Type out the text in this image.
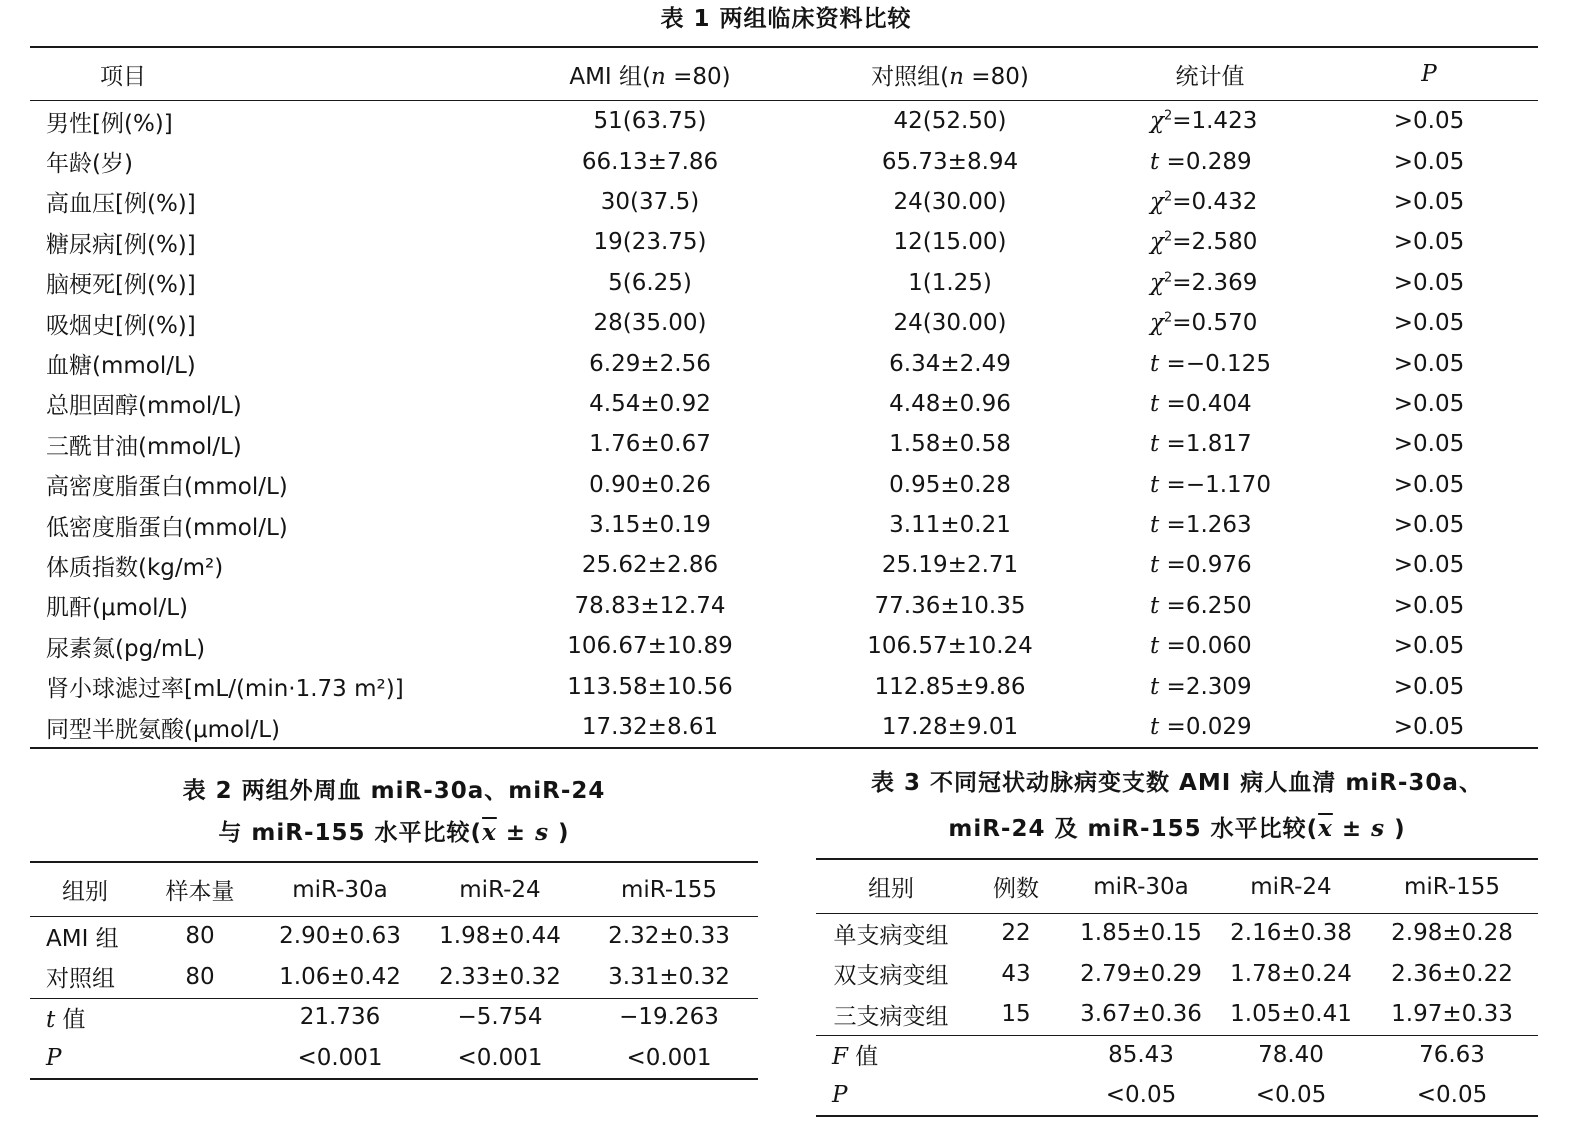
表 1 两组临床资料比较
项目	AMI 组(n =80)	对照组(n =80)	统计值	P
男性[例(%)]	51(63.75)	42(52.50)	$\chi^2=1.423$	>0.05
年龄(岁)	66.13±7.86	65.73±8.94	t =0.289	>0.05
高血压[例(%)]	30(37.5)	24(30.00)	$\chi^2=0.432$	>0.05
糖尿病[例(%)]	19(23.75)	12(15.00)	$\chi^2=2.580$	>0.05
脑梗死[例(%)]	5(6.25)	1(1.25)	$\chi^2=2.369$	>0.05
吸烟史[例(%)]	28(35.00)	24(30.00)	$\chi^2=0.570$	>0.05
血糖(mmol/L)	6.29±2.56	6.34±2.49	t =−0.125	>0.05
总胆固醇(mmol/L)	4.54±0.92	4.48±0.96	t =0.404	>0.05
三酰甘油(mmol/L)	1.76±0.67	1.58±0.58	t =1.817	>0.05
高密度脂蛋白(mmol/L)	0.90±0.26	0.95±0.28	t =−1.170	>0.05
低密度脂蛋白(mmol/L)	3.15±0.19	3.11±0.21	t =1.263	>0.05
体质指数(kg/m²)	25.62±2.86	25.19±2.71	t =0.976	>0.05
肌酐(μmol/L)	78.83±12.74	77.36±10.35	t =6.250	>0.05
尿素氮(pg/mL)	106.67±10.89	106.57±10.24	t =0.060	>0.05
肾小球滤过率[mL/(min·1.73 m²)]	113.58±10.56	112.85±9.86	t =2.309	>0.05
同型半胱氨酸(μmol/L)	17.32±8.61	17.28±9.01	t =0.029	>0.05
表 2 两组外周血 miR-30a、miR-24
与 miR-155 水平比较($\overline{x} \pm s$ )
组别	样本量	miR-30a	miR-24	miR-155
AMI 组	80	2.90±0.63	1.98±0.44	2.32±0.33
对照组	80	1.06±0.42	2.33±0.32	3.31±0.32
t 值		21.736	−5.754	−19.263
P		<0.001	<0.001	<0.001
表 3 不同冠状动脉病变支数 AMI 病人血清 miR-30a、
miR-24 及 miR-155 水平比较($\overline{x} \pm s$ )
组别	例数	miR-30a	miR-24	miR-155
单支病变组	22	1.85±0.15	2.16±0.38	2.98±0.28
双支病变组	43	2.79±0.29	1.78±0.24	2.36±0.22
三支病变组	15	3.67±0.36	1.05±0.41	1.97±0.33
F 值		85.43	78.40	76.63
P		<0.05	<0.05	<0.05
